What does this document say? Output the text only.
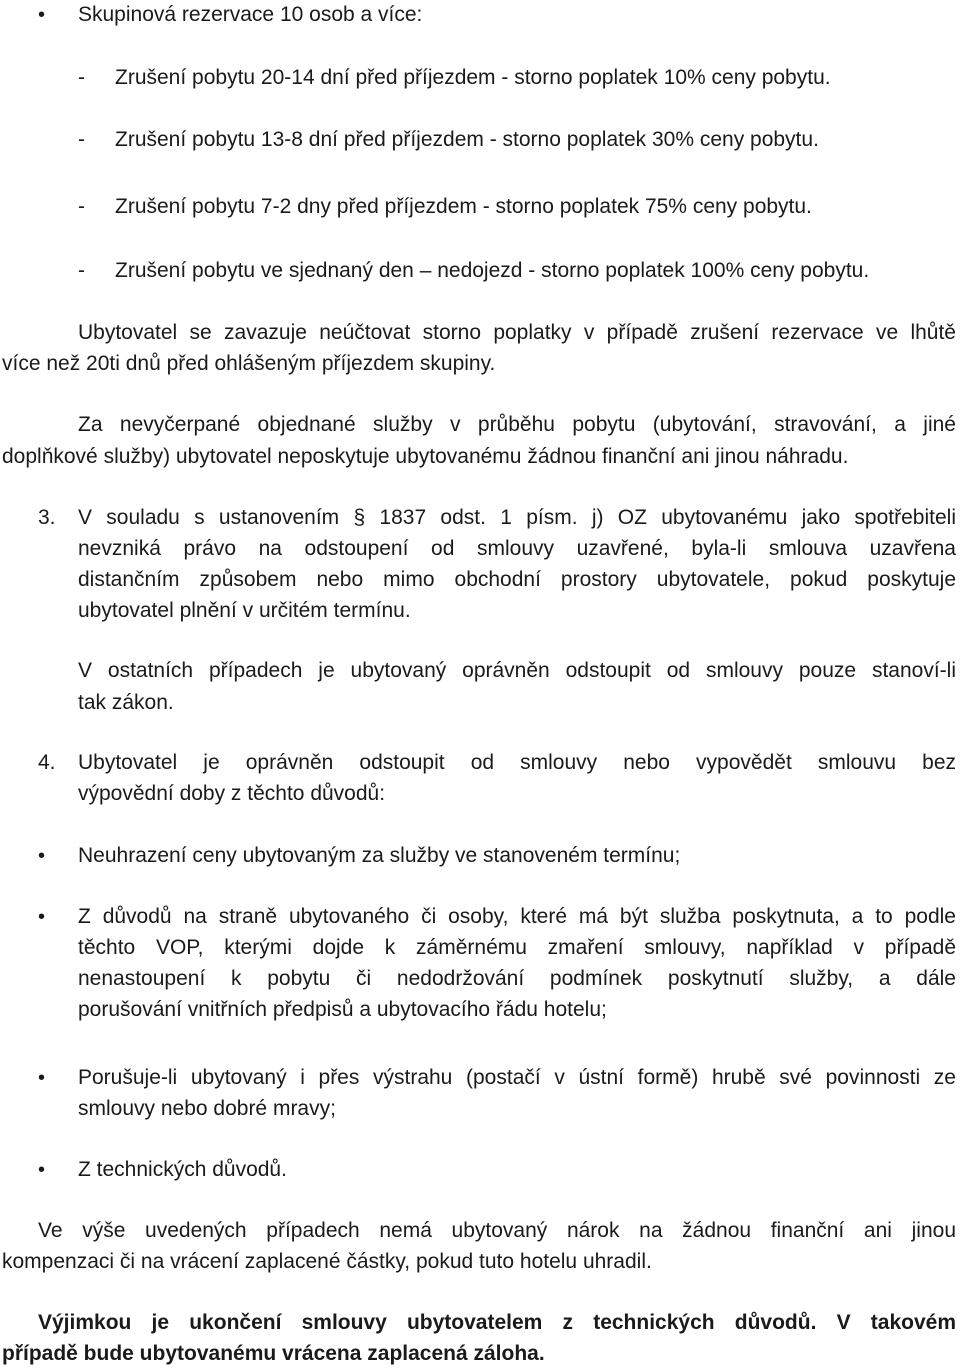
• Skupinová rezervace 10 osob a více:
- Zrušení pobytu 20-14 dní před příjezdem - storno poplatek 10% ceny pobytu.
- Zrušení pobytu 13-8 dní před příjezdem - storno poplatek 30% ceny pobytu.
- Zrušení pobytu 7-2 dny před příjezdem - storno poplatek 75% ceny pobytu.
- Zrušení pobytu ve sjednaný den – nedojezd - storno poplatek 100% ceny pobytu.
Ubytovatel se zavazuje neúčtovat storno poplatky v případě zrušení rezervace ve lhůtě
více než 20ti dnů před ohlášeným příjezdem skupiny.
Za nevyčerpané objednané služby v průběhu pobytu (ubytování, stravování, a jiné
doplňkové služby) ubytovatel neposkytuje ubytovanému žádnou finanční ani jinou náhradu.
3. V souladu s ustanovením § 1837 odst. 1 písm. j) OZ ubytovanému jako spotřebiteli
nevzniká právo na odstoupení od smlouvy uzavřené, byla-li smlouva uzavřena
distančním způsobem nebo mimo obchodní prostory ubytovatele, pokud poskytuje
ubytovatel plnění v určitém termínu.
V ostatních případech je ubytovaný oprávněn odstoupit od smlouvy pouze stanoví-li
tak zákon.
4. Ubytovatel je oprávněn odstoupit od smlouvy nebo vypovědět smlouvu bez
výpovědní doby z těchto důvodů:
• Neuhrazení ceny ubytovaným za služby ve stanoveném termínu;
• Z důvodů na straně ubytovaného či osoby, které má být služba poskytnuta, a to podle
těchto VOP, kterými dojde k záměrnému zmaření smlouvy, například v případě
nenastoupení k pobytu či nedodržování podmínek poskytnutí služby, a dále
porušování vnitřních předpisů a ubytovacího řádu hotelu;
• Porušuje-li ubytovaný i přes výstrahu (postačí v ústní formě) hrubě své povinnosti ze
smlouvy nebo dobré mravy;
• Z technických důvodů.
Ve výše uvedených případech nemá ubytovaný nárok na žádnou finanční ani jinou
kompenzaci či na vrácení zaplacené částky, pokud tuto hotelu uhradil.
Výjimkou je ukončení smlouvy ubytovatelem z technických důvodů. V takovém
případě bude ubytovanému vrácena zaplacená záloha.
